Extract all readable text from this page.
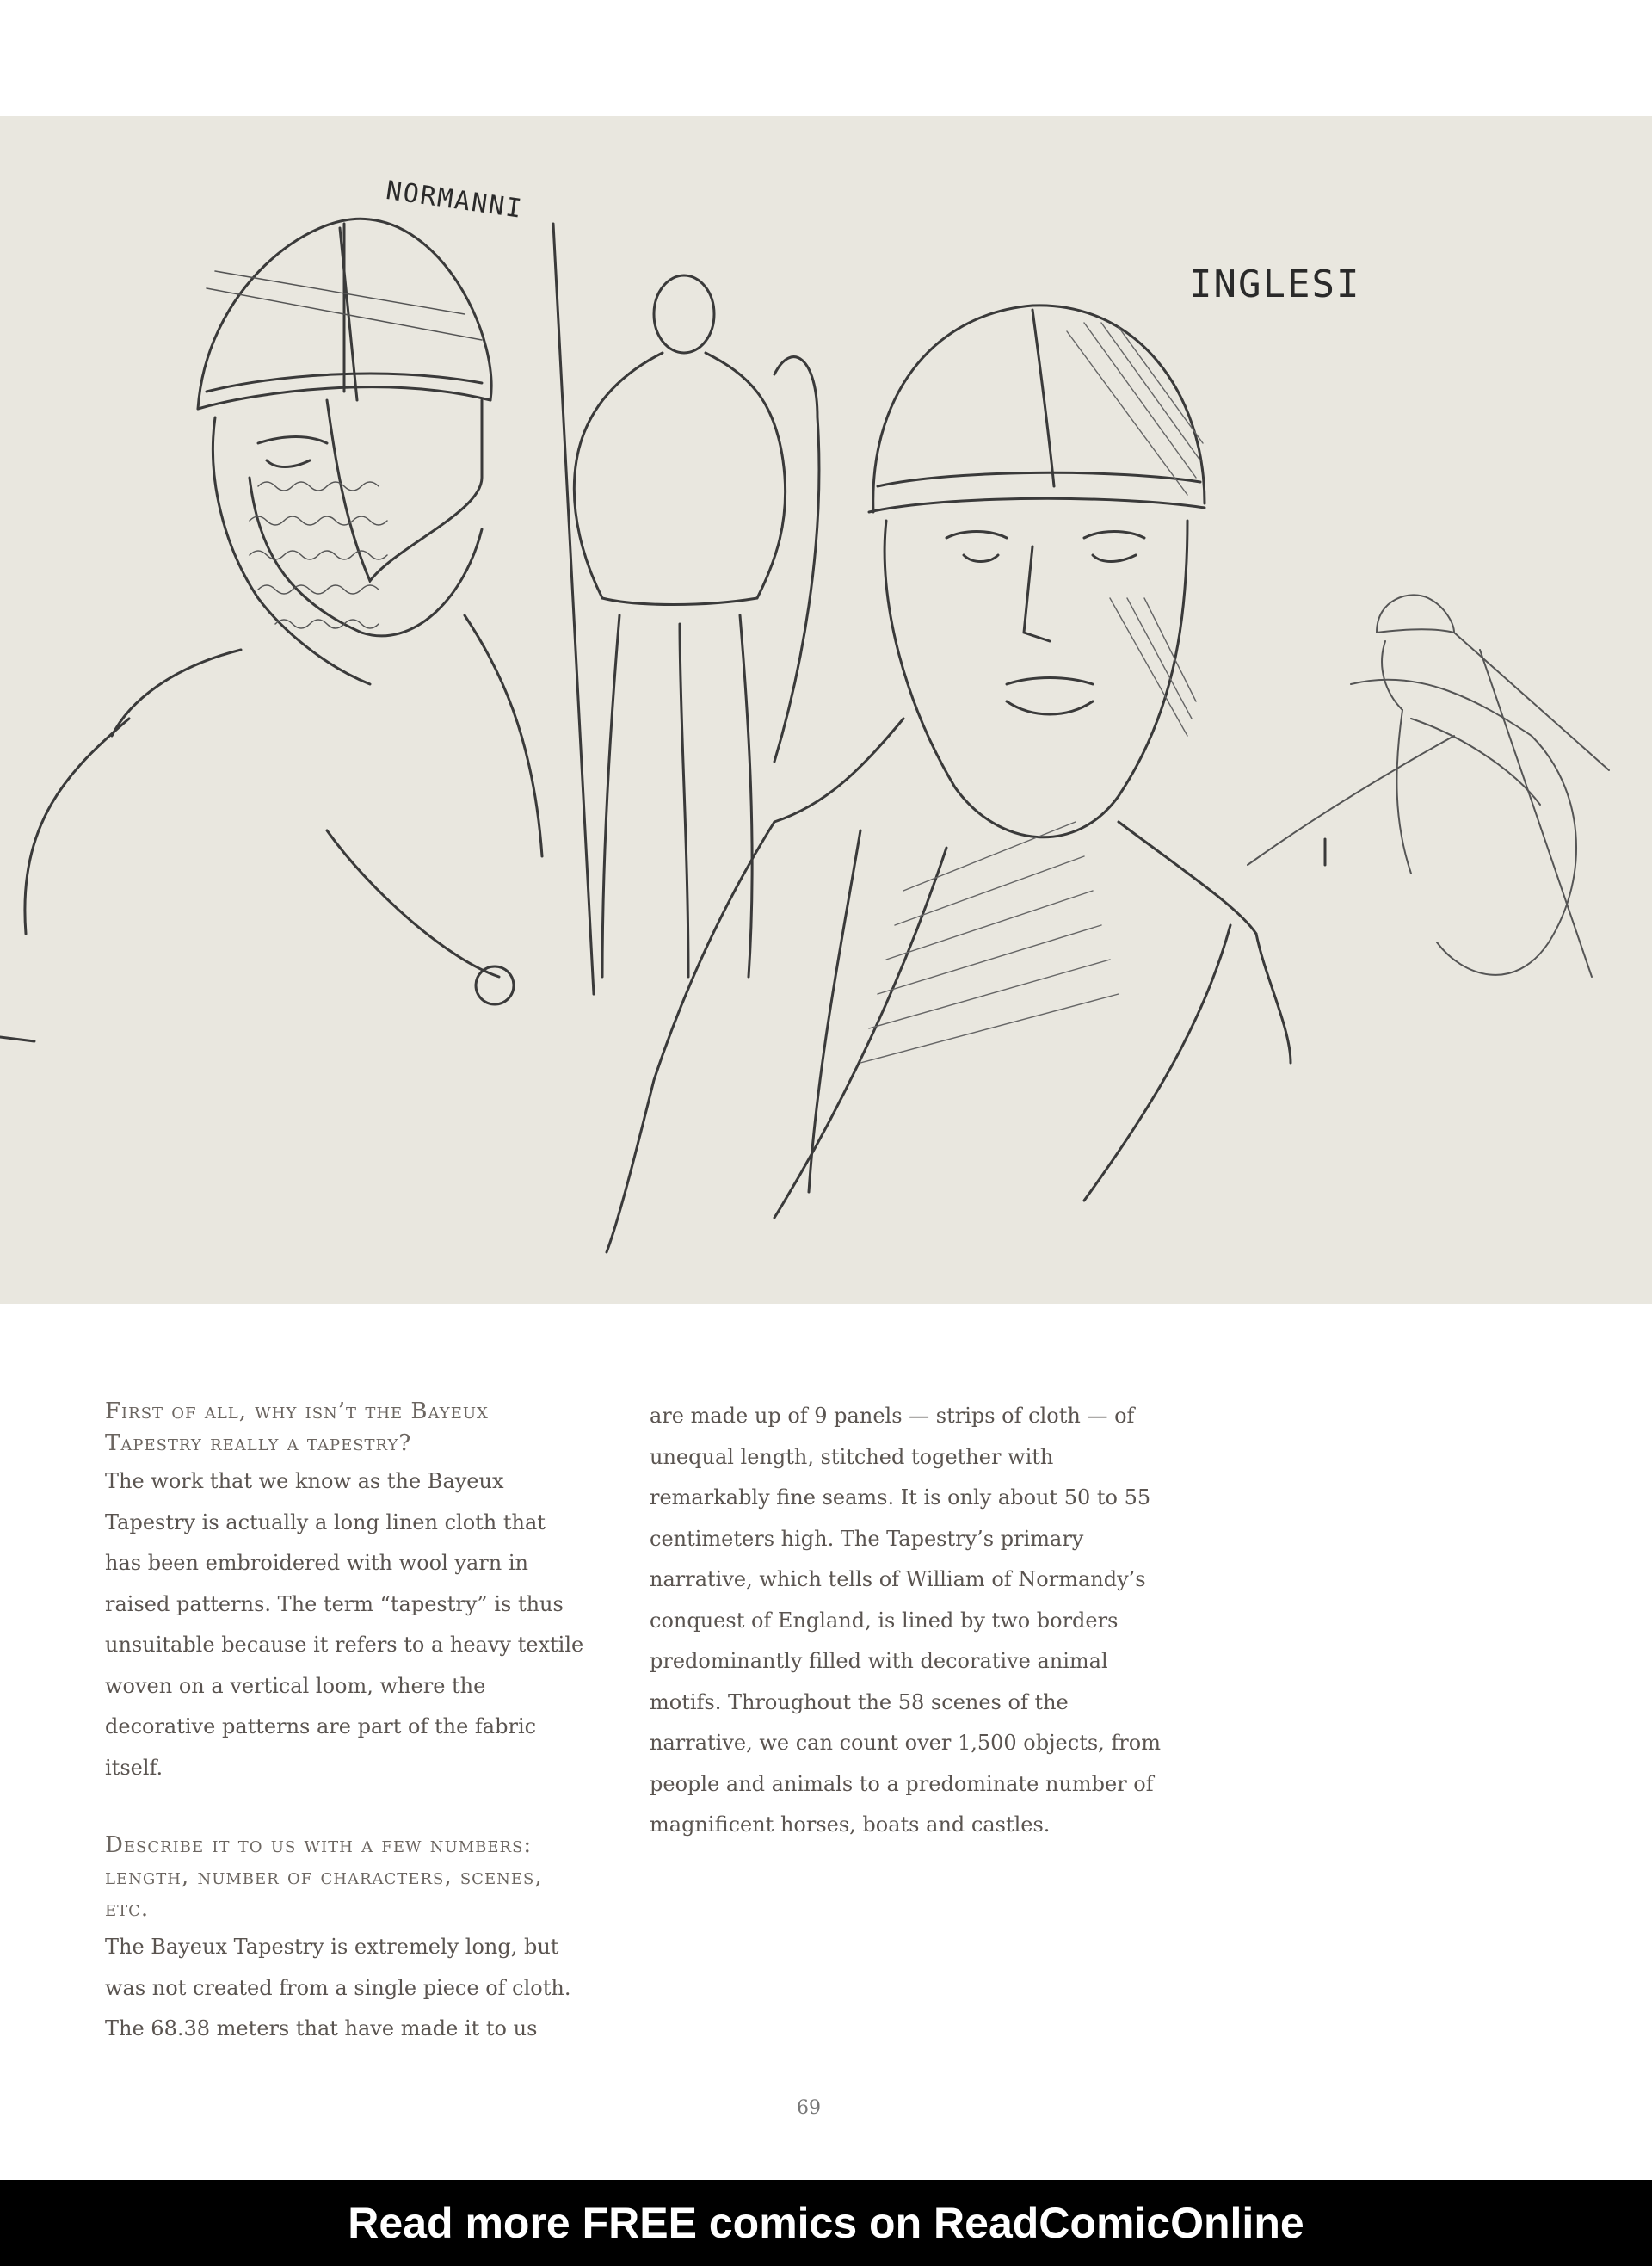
NORMANNI
INGLESI

First of all, why isn’t the Bayeux Tapestry really a tapestry?

The work that we know as the Bayeux Tapestry is actually a long linen cloth that has been embroidered with wool yarn in raised patterns. The term “tapestry” is thus unsuitable because it refers to a heavy textile woven on a vertical loom, where the decorative patterns are part of the fabric itself.

Describe it to us with a few numbers: length, number of characters, scenes, etc.

The Bayeux Tapestry is extremely long, but was not created from a single piece of cloth. The 68.38 meters that have made it to us

are made up of 9 panels — strips of cloth — of unequal length, stitched together with remarkably fine seams. It is only about 50 to 55 centimeters high. The Tapestry’s primary narrative, which tells of William of Normandy’s conquest of England, is lined by two borders predominantly filled with decorative animal motifs. Throughout the 58 scenes of the narrative, we can count over 1,500 objects, from people and animals to a predominate number of magnificent horses, boats and castles.

69
Read more FREE comics on ReadComicOnline
